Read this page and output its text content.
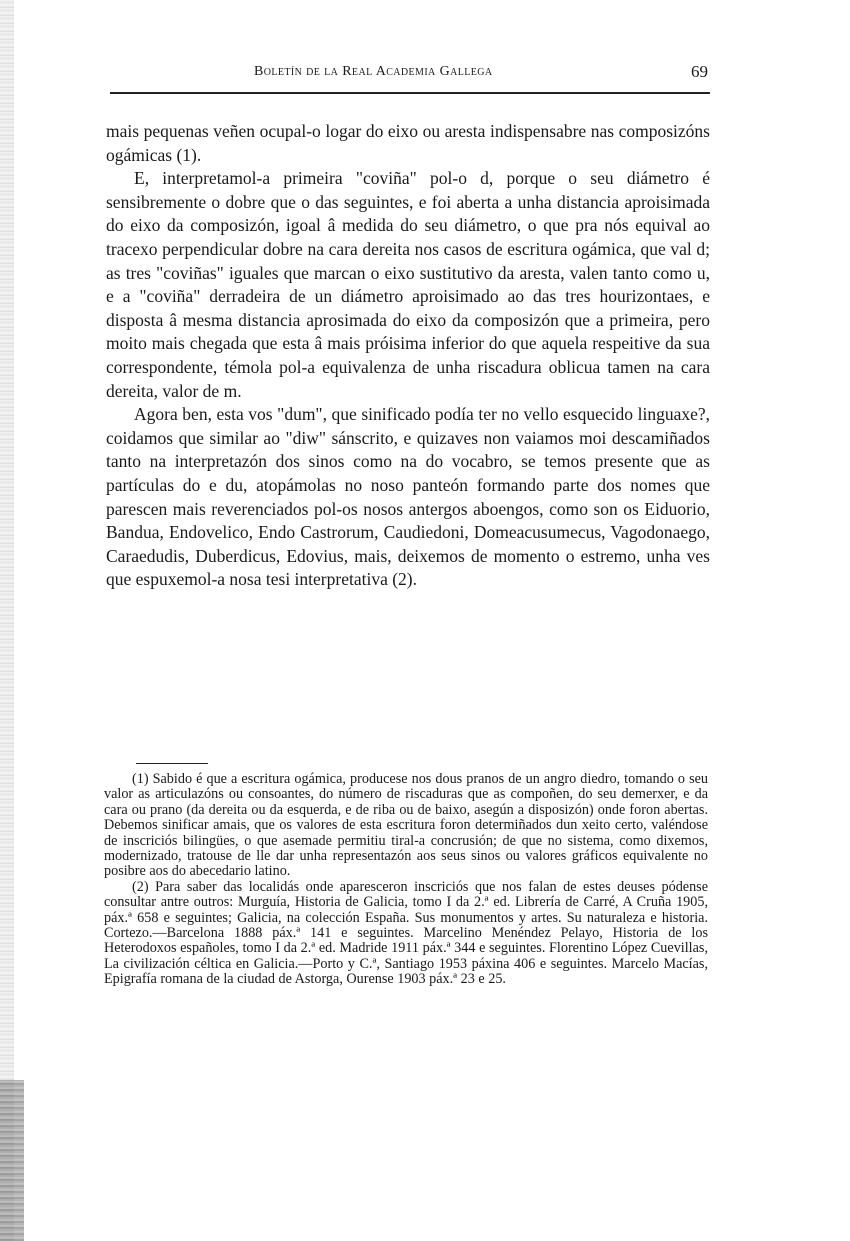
Boletín de la Real Academia Gallega	69

mais pequenas veñen ocupal-o logar do eixo ou aresta indispensabre nas composizóns ogámicas (1).

E, interpretamol-a primeira "coviña" pol-o d, porque o seu diámetro é sensibremente o dobre que o das seguintes, e foi aberta a unha distancia aproisimada do eixo da composizón, igoal â medida do seu diámetro, o que pra nós equival ao tracexo perpendicular dobre na cara dereita nos casos de escritura ogámica, que val d; as tres "coviñas" iguales que marcan o eixo sustitutivo da aresta, valen tanto como u, e a "coviña" derradeira de un diámetro aproisimado ao das tres hourizontaes, e disposta â mesma distancia aprosimada do eixo da composizón que a primeira, pero moito mais chegada que esta â mais próisima inferior do que aquela respeitive da sua correspondente, témola pol-a equivalenza de unha riscadura oblicua tamen na cara dereita, valor de m.

Agora ben, esta vos "dum", que sinificado podía ter no vello esquecido linguaxe?, coidamos que similar ao "diw" sánscrito, e quizaves non vaiamos moi descamiñados tanto na interpretazón dos sinos como na do vocabro, se temos presente que as partículas do e du, atopámolas no noso panteón formando parte dos nomes que parescen mais reverenciados pol-os nosos antergos aboengos, como son os Eiduorio, Bandua, Endovelico, Endo Castrorum, Caudiedoni, Domeacusumecus, Vagodonaego, Caraedudis, Duberdicus, Edovius, mais, deixemos de momento o estremo, unha ves que espuxemol-a nosa tesi interpretativa (2).

(1) Sabido é que a escritura ogámica, producese nos dous pranos de un angro diedro, tomando o seu valor as articulazóns ou consoantes, do número de riscaduras que as compoñen, do seu demerxer, e da cara ou prano (da dereita ou da esquerda, e de riba ou de baixo, asegún a disposizón) onde foron abertas. Debemos sinificar amais, que os valores de esta escritura foron determiñados dun xeito certo, valéndose de inscriciós bilingües, o que asemade permitiu tiral-a concrusión; de que no sistema, como dixemos, modernizado, tratouse de lle dar unha representazón aos seus sinos ou valores gráficos equivalente no posibre aos do abecedario latino.

(2) Para saber das localidás onde aparesceron inscriciós que nos falan de estes deuses pódense consultar antre outros: Murguía, Historia de Galicia, tomo I da 2.ª ed. Librería de Carré, A Cruña 1905, páx.ª 658 e seguintes; Galicia, na colección España. Sus monumentos y artes. Su naturaleza e historia. Cortezo.—Barcelona 1888 páx.ª 141 e seguintes. Marcelino Menéndez Pelayo, Historia de los Heterodoxos españoles, tomo I da 2.ª ed. Madride 1911 páx.ª 344 e seguintes. Florentino López Cuevillas, La civilización céltica en Galicia.—Porto y C.ª, Santiago 1953 páxina 406 e seguintes. Marcelo Macías, Epigrafía romana de la ciudad de Astorga, Ourense 1903 páx.ª 23 e 25.
